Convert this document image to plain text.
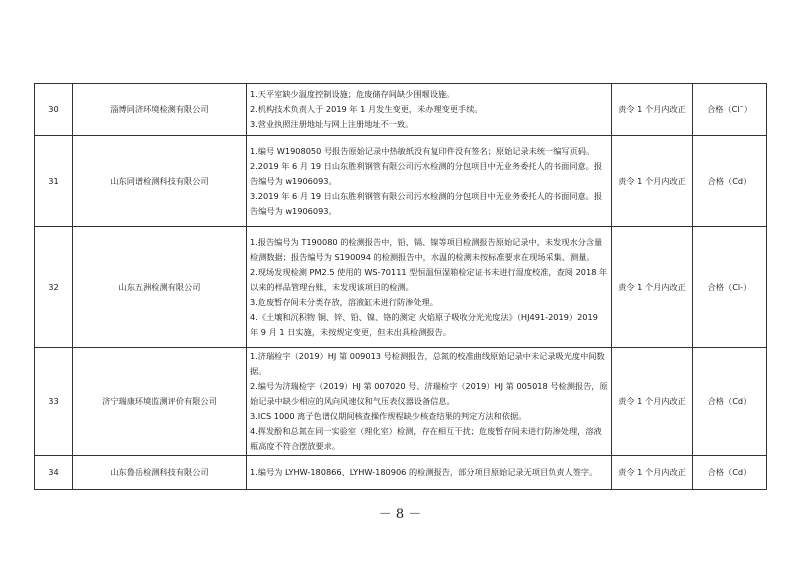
30	淄博同济环境检测有限公司	1.天平室缺少温度控制设施；危废储存间缺少围堰设施。
2.机构技术负责人于 2019 年 1 月发生变更，未办理变更手续。
3.营业执照注册地址与网上注册地址不一致。	责令 1 个月内改正	合格（Cl¯）
31	山东同谱检测科技有限公司	1.编号 W1908050 号报告原始记录中热敏纸没有复印件没有签名；原始记录未统一编写页码。
2.2019 年 6 月 19 日山东胜利钢管有限公司污水检测的分包项目中无业务委托人的书面同意。报告编号为 w1906093。
3.2019 年 6 月 19 日山东胜利钢管有限公司污水检测的分包项目中无业务委托人的书面同意。报告编号为 w1906093。	责令 1 个月内改正	合格（Cd）
32	山东五洲检测有限公司	1.报告编号为 T190080 的检测报告中，铅、镉、镍等项目检测报告原始记录中，未发现水分含量检测数据；报告编号为 S190094 的检测报告中，水温的检测未按标准要求在现场采集、测量。
2.现场发现检测 PM2.5 使用的 WS-70111 型恒温恒湿箱检定证书未进行湿度校准，查阅 2018 年以来的样品管理台账，未发现该项目的检测。
3.危废暂存间未分类存放，溶液缸未进行防渗处理。
4.《土壤和沉积物 铜、锌、铅、镍、铬的测定 火焰原子吸收分光光度法》（HJ491-2019）2019 年 9 月 1 日实施，未按规定变更，但未出具检测报告。	责令 1 个月内改正	合格（Cl-）
33	济宁瑞康环境监测评价有限公司	1.济瑞检字（2019）HJ 第 009013 号检测报告，总氮的校准曲线原始记录中未记录吸光度中间数据。
2.编号为济瑞检字（2019）HJ 第 007020 号、济瑞检字（2019）HJ 第 005018 号检测报告，原始记录中缺少相应的风向风速仪和气压表仪器设备信息。
3.ICS 1000 离子色谱仪期间核查操作规程缺少核查结果的判定方法和依据。
4.挥发酚和总氮在同一实验室（理化室）检测，存在相互干扰；危废暂存间未进行防渗处理，溶液瓶高度不符合摆放要求。	责令 1 个月内改正	合格（Cd）
34	山东鲁岳检测科技有限公司	1.编号为 LYHW-180866、LYHW-180906 的检测报告，部分项目原始记录无项目负责人签字。	责令 1 个月内改正	合格（Cd）
－ 8 －
